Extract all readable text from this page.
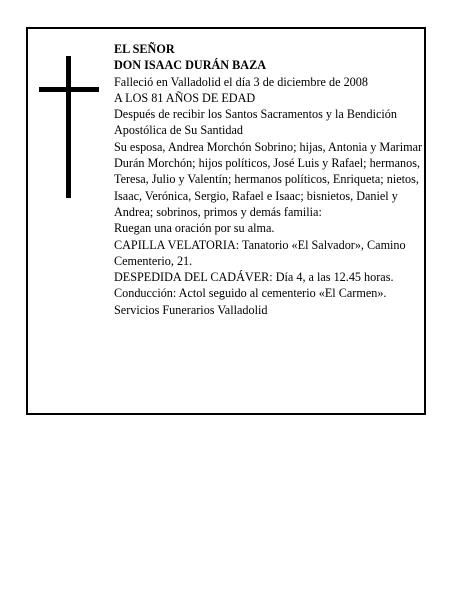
EL SEÑOR

DON ISAAC DURÁN BAZA

Falleció en Valladolid el día 3 de diciembre de 2008

A LOS 81 AÑOS DE EDAD

Después de recibir los Santos Sacramentos y la Bendición Apostólica de Su Santidad

Su esposa, Andrea Morchón Sobrino; hijas, Antonia y Marimar Durán Morchón; hijos políticos, José Luis y Rafael; hermanos, Teresa, Julio y Valentín; hermanos políticos, Enriqueta; nietos, Isaac, Verónica, Sergio, Rafael e Isaac; bisnietos, Daniel y Andrea; sobrinos, primos y demás familia:

Ruegan una oración por su alma.

CAPILLA VELATORIA: Tanatorio «El Salvador», Camino Cementerio, 21.

DESPEDIDA DEL CADÁVER: Día 4, a las 12.45 horas.

Conducción: Actol seguido al cementerio «El Carmen».

Servicios Funerarios Valladolid
